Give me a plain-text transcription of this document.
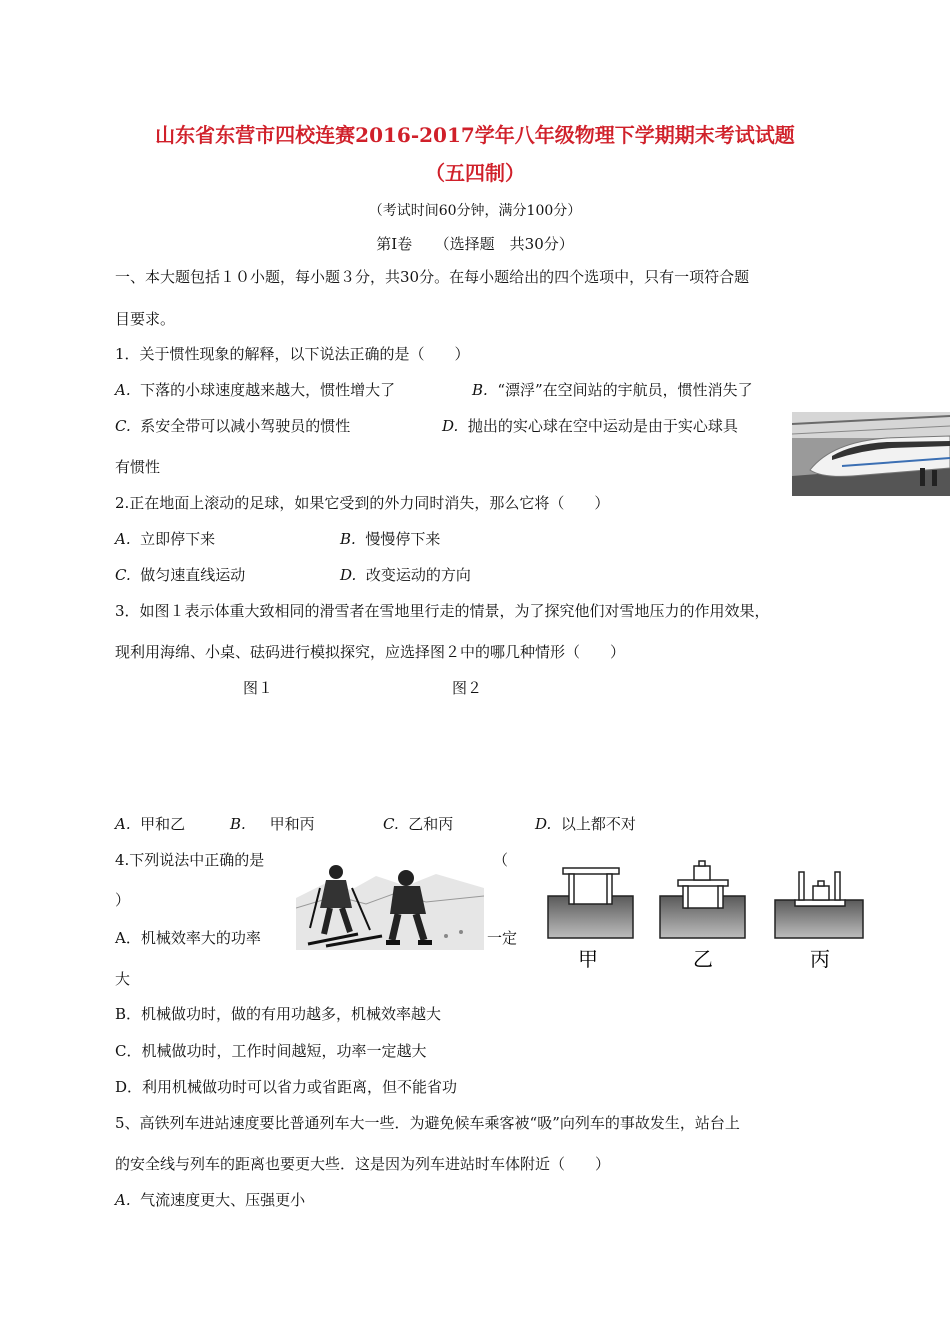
山东省东营市四校连赛2016-2017学年八年级物理下学期期末考试试题
（五四制）
（考试时间60分钟，满分100分）
第Ⅰ卷　　（选择题　共30分）
一、本大题包括１０小题，每小题３分，共30分。在每小题给出的四个选项中，只有一项符合题
目要求。
1．关于惯性现象的解释，以下说法正确的是（　　）
A. 下落的小球速度越来越大，惯性增大了	B. “漂浮”在空间站的宇航员，惯性消失了
C. 系安全带可以减小驾驶员的惯性	D. 抛出的实心球在空中运动是由于实心球具
有惯性
2.正在地面上滚动的足球，如果它受到的外力同时消失，那么它将（　　）
A. 立即停下来	B. 慢慢停下来
C. 做匀速直线运动	D. 改变运动的方向
3．如图１表示体重大致相同的滑雪者在雪地里行走的情景，为了探究他们对雪地压力的作用效果，
现利用海绵、小桌、砝码进行模拟探究，应选择图２中的哪几种情形（　　）
图１	图２
A. 甲和乙	B. 甲和丙	C. 乙和丙	D. 以上都不对
4.下列说法中正确的是	（
）
A．机械效率大的功率	一定
大
B．机械做功时，做的有用功越多，机械效率越大
C．机械做功时，工作时间越短，功率一定越大
D．利用机械做功时可以省力或省距离，但不能省功
甲	乙	丙
5、高铁列车进站速度要比普通列车大一些．为避免候车乘客被“吸”向列车的事故发生，站台上
的安全线与列车的距离也要更大些．这是因为列车进站时车体附近（　　）
A. 气流速度更大、压强更小
